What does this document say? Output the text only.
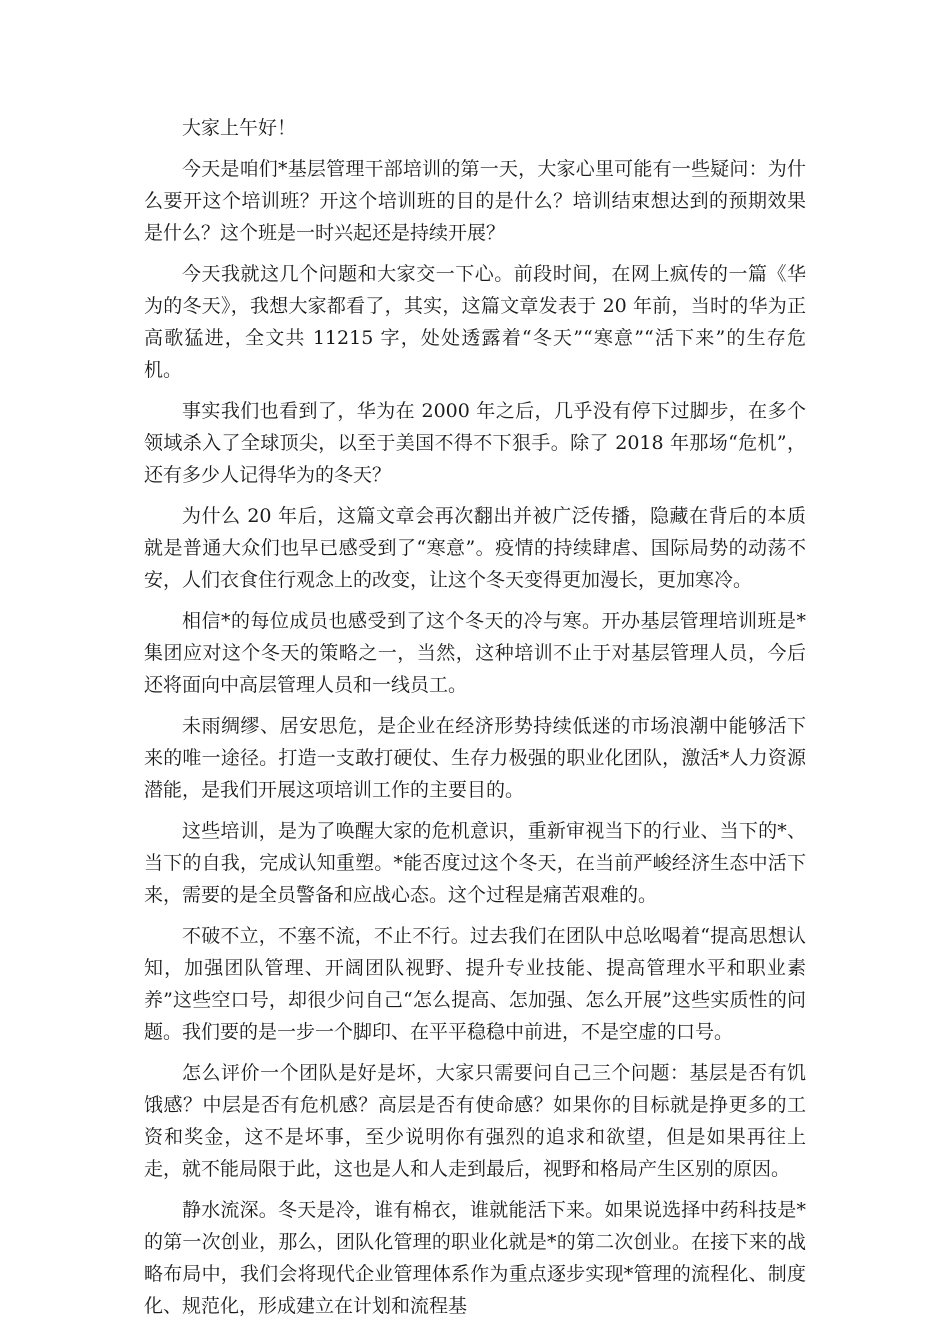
大家上午好！

今天是咱们*基层管理干部培训的第一天，大家心里可能有一些疑问：为什么要开这个培训班？开这个培训班的目的是什么？培训结束想达到的预期效果是什么？这个班是一时兴起还是持续开展？

今天我就这几个问题和大家交一下心。前段时间，在网上疯传的一篇《华为的冬天》，我想大家都看了，其实，这篇文章发表于 20 年前，当时的华为正高歌猛进，全文共 11215 字，处处透露着“冬天”“寒意”“活下来”的生存危机。

事实我们也看到了，华为在 2000 年之后，几乎没有停下过脚步，在多个领域杀入了全球顶尖，以至于美国不得不下狠手。除了 2018 年那场“危机”，还有多少人记得华为的冬天？

为什么 20 年后，这篇文章会再次翻出并被广泛传播，隐藏在背后的本质就是普通大众们也早已感受到了“寒意”。疫情的持续肆虐、国际局势的动荡不安，人们衣食住行观念上的改变，让这个冬天变得更加漫长，更加寒冷。

相信*的每位成员也感受到了这个冬天的冷与寒。开办基层管理培训班是*集团应对这个冬天的策略之一，当然，这种培训不止于对基层管理人员，今后还将面向中高层管理人员和一线员工。

未雨绸缪、居安思危，是企业在经济形势持续低迷的市场浪潮中能够活下来的唯一途径。打造一支敢打硬仗、生存力极强的职业化团队，激活*人力资源潜能，是我们开展这项培训工作的主要目的。

这些培训，是为了唤醒大家的危机意识，重新审视当下的行业、当下的*、当下的自我，完成认知重塑。*能否度过这个冬天，在当前严峻经济生态中活下来，需要的是全员警备和应战心态。这个过程是痛苦艰难的。

不破不立，不塞不流，不止不行。过去我们在团队中总吆喝着“提高思想认知，加强团队管理、开阔团队视野、提升专业技能、提高管理水平和职业素养”这些空口号，却很少问自己“怎么提高、怎加强、怎么开展”这些实质性的问题。我们要的是一步一个脚印、在平平稳稳中前进，不是空虚的口号。

怎么评价一个团队是好是坏，大家只需要问自己三个问题：基层是否有饥饿感？中层是否有危机感？高层是否有使命感？如果你的目标就是挣更多的工资和奖金，这不是坏事，至少说明你有强烈的追求和欲望，但是如果再往上走，就不能局限于此，这也是人和人走到最后，视野和格局产生区别的原因。

静水流深。冬天是冷，谁有棉衣，谁就能活下来。如果说选择中药科技是*的第一次创业，那么，团队化管理的职业化就是*的第二次创业。在接下来的战略布局中，我们会将现代企业管理体系作为重点逐步实现*管理的流程化、制度化、规范化，形成建立在计划和流程基
